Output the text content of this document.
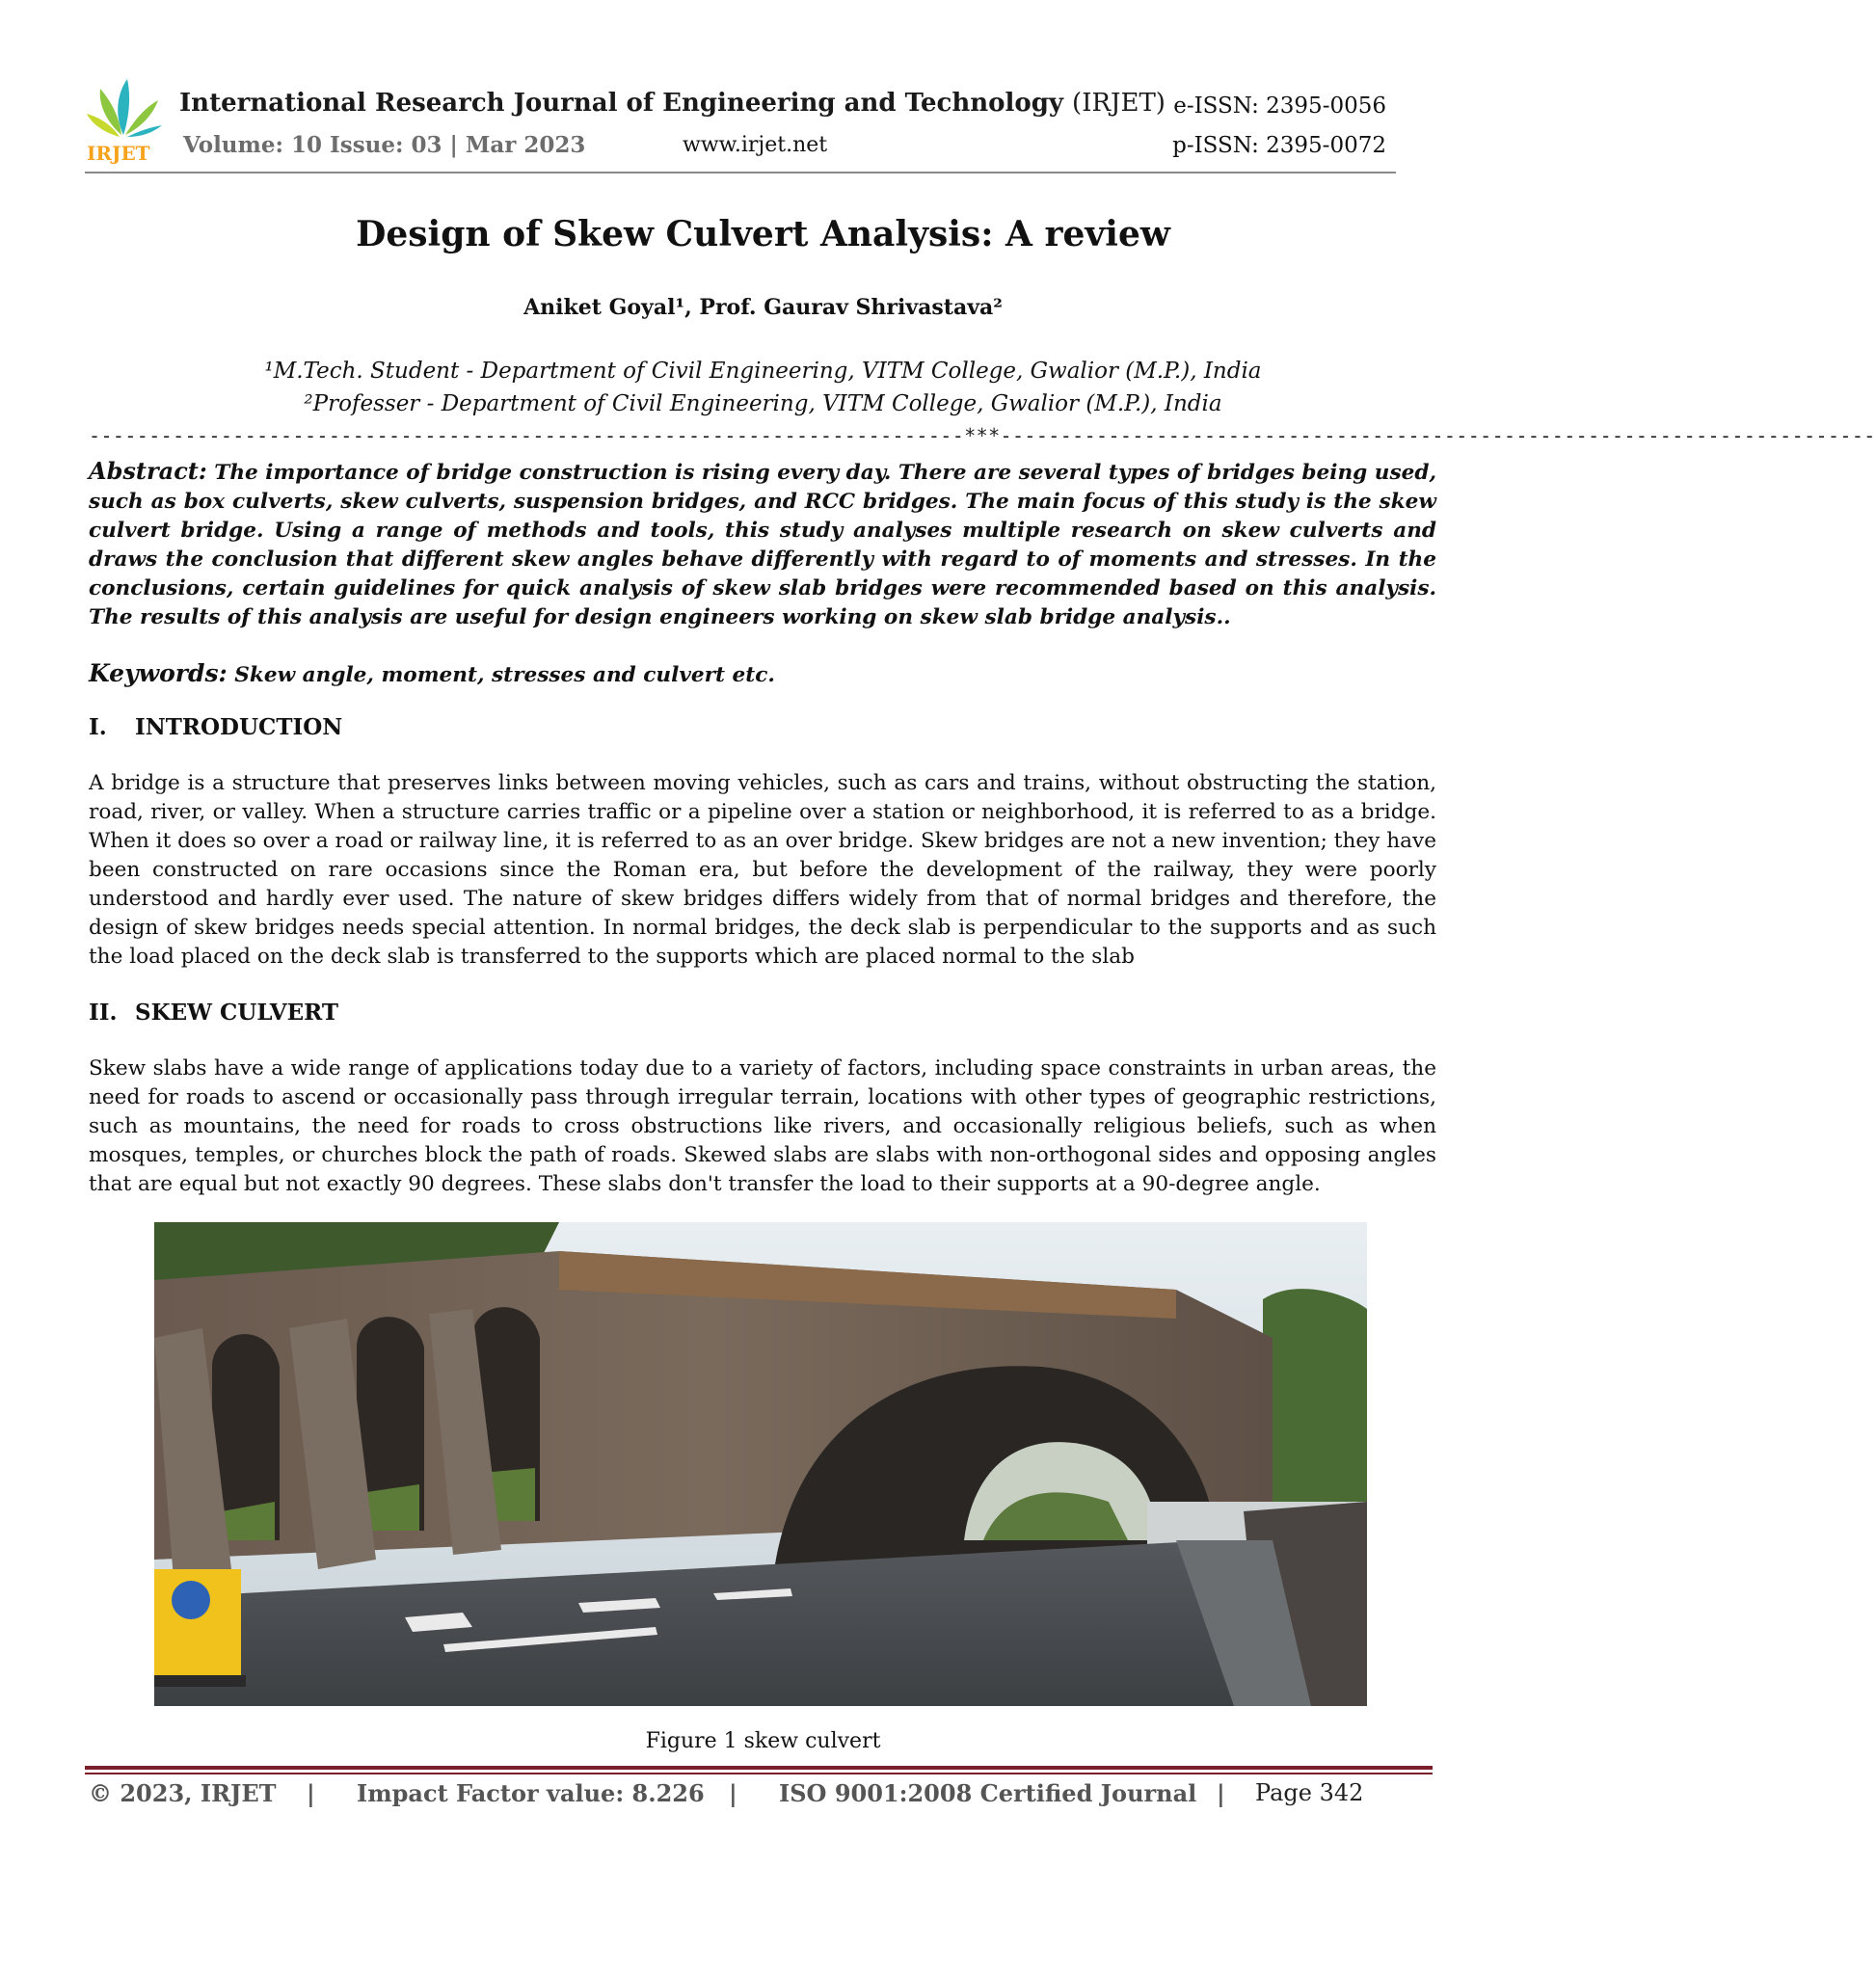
IRJET
International Research Journal of Engineering and Technology (IRJET) e-ISSN: 2395-0056
Volume: 10 Issue: 03 | Mar 2023	www.irjet.net	p-ISSN: 2395-0072
Design of Skew Culvert Analysis: A review
Aniket Goyal¹, Prof. Gaurav Shrivastava²
¹M.Tech. Student - Department of Civil Engineering, VITM College, Gwalior (M.P.), India
²Professer - Department of Civil Engineering, VITM College, Gwalior (M.P.), India
-------------------------------------------------------------------------***-------------------------------------------------------------------------

Abstract: The importance of bridge construction is rising every day. There are several types of bridges being used, such as box culverts, skew culverts, suspension bridges, and RCC bridges. The main focus of this study is the skew culvert bridge. Using a range of methods and tools, this study analyses multiple research on skew culverts and draws the conclusion that different skew angles behave differently with regard to of moments and stresses. In the conclusions, certain guidelines for quick analysis of skew slab bridges were recommended based on this analysis. The results of this analysis are useful for design engineers working on skew slab bridge analysis..

Keywords: Skew angle, moment, stresses and culvert etc.

I. INTRODUCTION

A bridge is a structure that preserves links between moving vehicles, such as cars and trains, without obstructing the station, road, river, or valley. When a structure carries traffic or a pipeline over a station or neighborhood, it is referred to as a bridge. When it does so over a road or railway line, it is referred to as an over bridge. Skew bridges are not a new invention; they have been constructed on rare occasions since the Roman era, but before the development of the railway, they were poorly understood and hardly ever used. The nature of skew bridges differs widely from that of normal bridges and therefore, the design of skew bridges needs special attention. In normal bridges, the deck slab is perpendicular to the supports and as such the load placed on the deck slab is transferred to the supports which are placed normal to the slab

II. SKEW CULVERT

Skew slabs have a wide range of applications today due to a variety of factors, including space constraints in urban areas, the need for roads to ascend or occasionally pass through irregular terrain, locations with other types of geographic restrictions, such as mountains, the need for roads to cross obstructions like rivers, and occasionally religious beliefs, such as when mosques, temples, or churches block the path of roads. Skewed slabs are slabs with non-orthogonal sides and opposing angles that are equal but not exactly 90 degrees. These slabs don't transfer the load to their supports at a 90-degree angle.

Figure 1 skew culvert
© 2023, IRJET | Impact Factor value: 8.226 | ISO 9001:2008 Certified Journal | Page 342
